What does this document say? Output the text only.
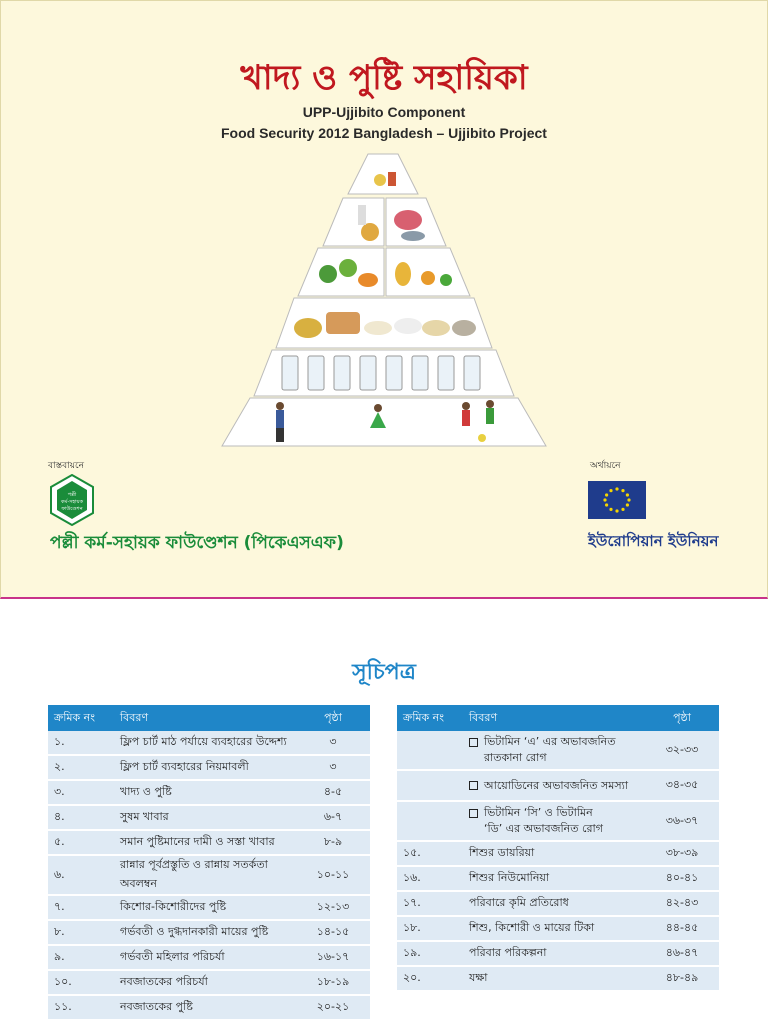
খাদ্য ও পুষ্টি সহায়িকা
UPP-Ujjibito Component
Food Security 2012 Bangladesh – Ujjibito Project
বাস্তবায়নে	অর্থায়নে
পল্লী
কর্ম-সহায়ক
ফাউণ্ডেশন
পল্লী কর্ম-সহায়ক ফাউণ্ডেশন (পিকেএসএফ)	ইউরোপিয়ান ইউনিয়ন
সূচিপত্র
ক্রমিক নং	বিবরণ	পৃষ্ঠা
১.	ফ্লিপ চার্ট মাঠ পর্যায়ে ব্যবহারের উদ্দেশ্য	৩
২.	ফ্লিপ চার্ট ব্যবহারের নিয়মাবলী	৩
৩.	খাদ্য ও পুষ্টি	৪-৫
৪.	সুষম খাবার	৬-৭
৫.	সমান পুষ্টিমানের দামী ও সস্তা খাবার	৮-৯
৬.	রান্নার পূর্বপ্রস্তুতি ও রান্নায় সতর্কতা অবলম্বন	১০-১১
৭.	কিশোর-কিশোরীদের পুষ্টি	১২-১৩
৮.	গর্ভবতী ও দুগ্ধদানকারী মায়ের পুষ্টি	১৪-১৫
৯.	গর্ভবতী মহিলার পরিচর্যা	১৬-১৭
১০.	নবজাতকের পরিচর্যা	১৮-১৯
১১.	নবজাতকের পুষ্টি	২০-২১
ক্রমিক নং	বিবরণ	পৃষ্ঠা
	ভিটামিন ‘এ’ এর অভাবজনিত
রাতকানা রোগ	৩২-৩৩
	আয়োডিনের অভাবজনিত সমস্যা	৩৪-৩৫
	ভিটামিন ‘সি’ ও ভিটামিন
‘ডি’ এর অভাবজনিত রোগ	৩৬-৩৭
১৫.	শিশুর ডায়রিয়া	৩৮-৩৯
১৬.	শিশুর নিউমোনিয়া	৪০-৪১
১৭.	পরিবারে কৃমি প্রতিরোধ	৪২-৪৩
১৮.	শিশু, কিশোরী ও মায়ের টিকা	৪৪-৪৫
১৯.	পরিবার পরিকল্পনা	৪৬-৪৭
২০.	যক্ষা	৪৮-৪৯
